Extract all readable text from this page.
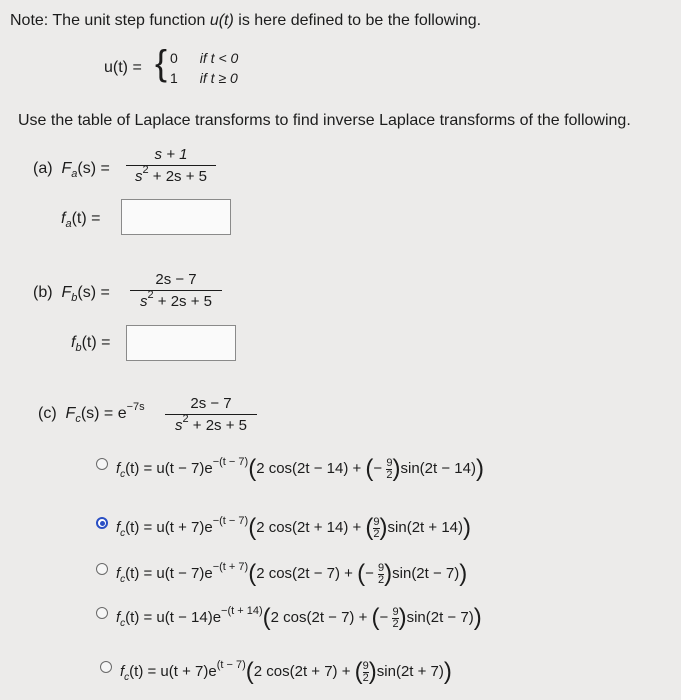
Note: The unit step function u(t) is here defined to be the following.
u(t) = { 0 if t < 0
1 if t ≥ 0
Use the table of Laplace transforms to find inverse Laplace transforms of the following.
(a) $F_a(s)$ =
s + 1
$s^2 + 2s + 5$
$f_a(t)$ =
(b) $F_b(s)$ =
2s − 7
$s^2 + 2s + 5$
$f_b(t)$ =
(c) $F_c(s) = e^{-7s}$	2s − 7
$s^2 + 2s + 5$
$f_c(t) = u(t - 7)e^{-(t - 7)}(2$ cos(2t − 14) + (− $\frac{9}{2} )\sin(2t - 14)$)
$f_c(t) = u(t + 7)e^{-(t - 7)}(2$ cos(2t + 14) + ( $\frac{9}{2} )\sin(2t + 14)$)
$f_c(t) = u(t - 7)e^{-(t + 7)}(2$ cos(2t − 7) + (− $\frac{9}{2} )\sin(2t - 7)$)
$f_c(t) = u(t - 14)e^{-(t + 14)}(2$ cos(2t − 7) + (− $\frac{9}{2} )\sin(2t - 7)$)
$f_c(t) = u(t + 7)e^{(t - 7)}(2$ cos(2t + 7) + ( $\frac{9}{2} )\sin(2t + 7)$)
